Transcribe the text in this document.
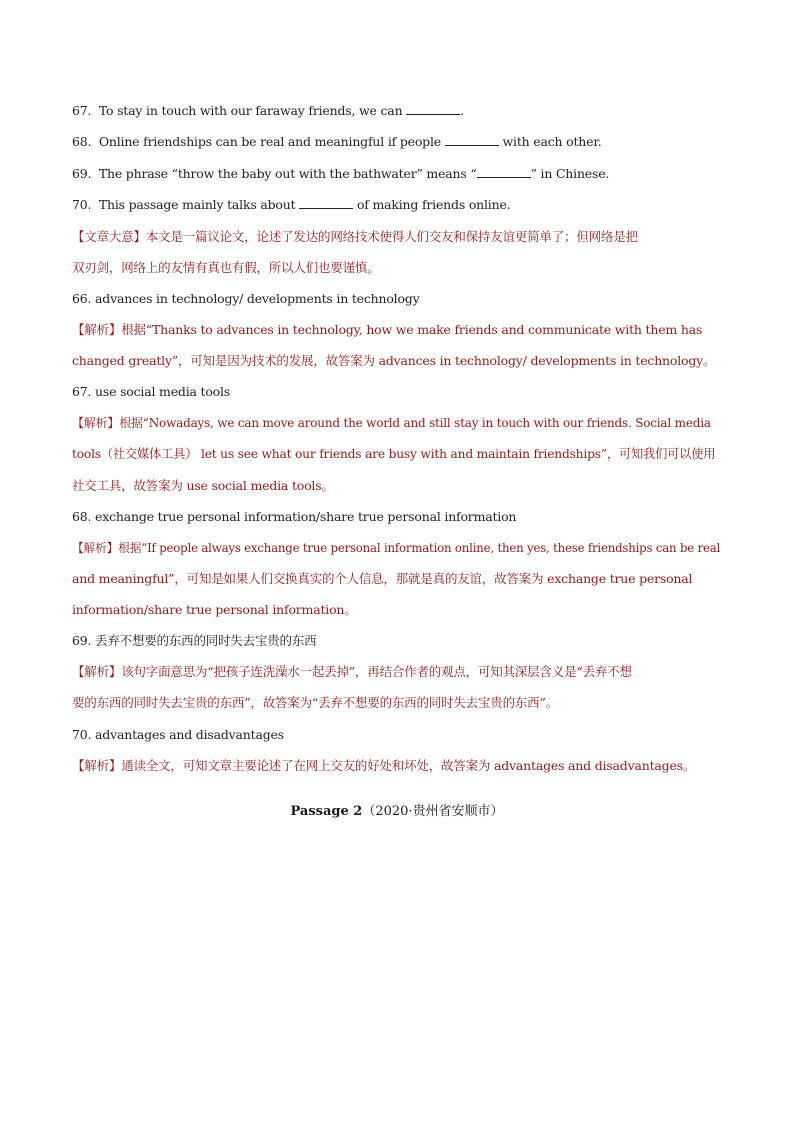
67. To stay in touch with our faraway friends, we can	.
68. Online friendships can be real and meaningful if people	with each other.
69. The phrase “throw the baby out with the bathwater” means “	” in Chinese.
70. This passage mainly talks about	of making friends online.
【文章大意】本文是一篇议论文，论述了发达的网络技术使得人们交友和保持友谊更简单了；但网络是把
双刃剑，网络上的友情有真也有假，所以人们也要谨慎。
66. advances in technology/ developments in technology
【解析】根据“Thanks to advances in technology, how we make friends and communicate with them has
changed greatly”，可知是因为技术的发展，故答案为 advances in technology/ developments in technology。
67. use social media tools
【解析】根据“Nowadays, we can move around the world and still stay in touch with our friends. Social media
tools（社交媒体工具） let us see what our friends are busy with and maintain friendships”，可知我们可以使用
社交工具，故答案为 use social media tools。
68. exchange true personal information/share true personal information
【解析】根据“If people always exchange true personal information online, then yes, these friendships can be real
and meaningful”，可知是如果人们交换真实的个人信息，那就是真的友谊，故答案为 exchange true personal
information/share true personal information。
69. 丢弃不想要的东西的同时失去宝贵的东西
【解析】该句字面意思为“把孩子连洗澡水一起丢掉”，再结合作者的观点，可知其深层含义是“丢弃不想
要的东西的同时失去宝贵的东西”，故答案为“丢弃不想要的东西的同时失去宝贵的东西”。
70. advantages and disadvantages
【解析】通读全文，可知文章主要论述了在网上交友的好处和坏处，故答案为 advantages and disadvantages。
Passage 2（2020·贵州省安顺市）
